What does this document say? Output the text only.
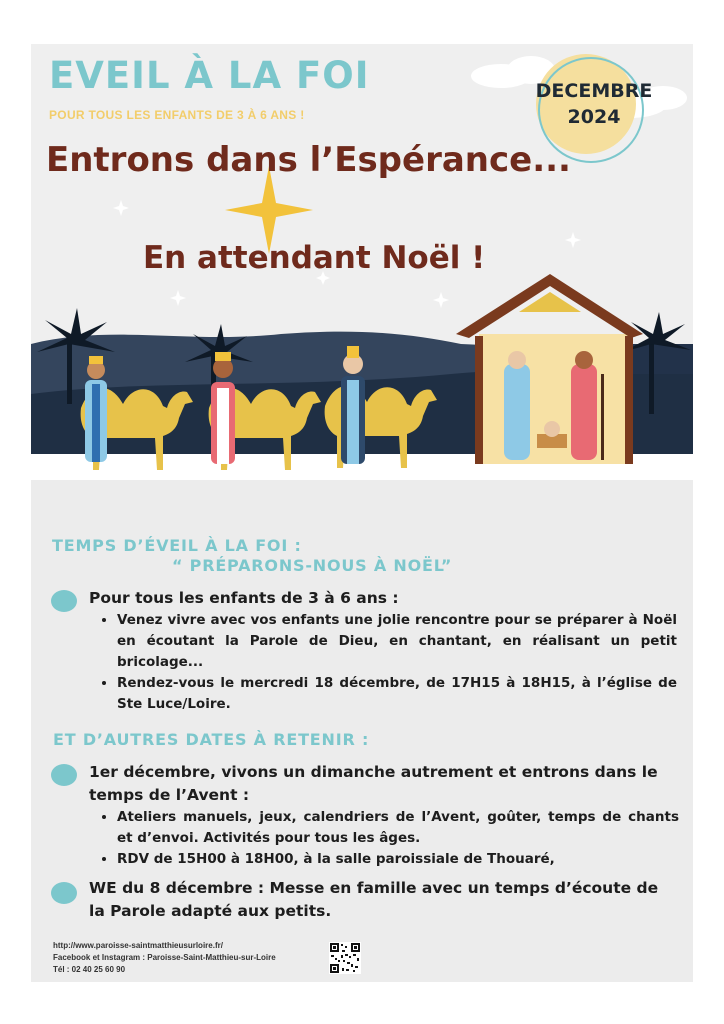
EVEIL À LA FOI
POUR TOUS LES ENFANTS DE 3 À 6 ANS !
DECEMBRE
2024
Entrons dans l’Espérance...
En attendant Noël !
TEMPS D’ÉVEIL À LA FOI :
“ PRÉPARONS-NOUS À NOËL”
Pour tous les enfants de 3 à 6 ans :
• Venez vivre avec vos enfants une jolie rencontre pour se préparer à Noël en écoutant la Parole de Dieu, en chantant, en réalisant un petit bricolage...
• Rendez-vous le mercredi 18 décembre, de 17H15 à 18H15, à l’église de Ste Luce/Loire.
ET D’AUTRES DATES À RETENIR :
1er décembre, vivons un dimanche autrement et entrons dans le temps de l’Avent :
• Ateliers manuels, jeux, calendriers de l’Avent, goûter, temps de chants et d’envoi. Activités pour tous les âges.
• RDV de 15H00 à 18H00, à la salle paroissiale de Thouaré,
WE du 8 décembre : Messe en famille avec un temps d’écoute de la Parole adapté aux petits.
http://www.paroisse-saintmatthieusurloire.fr/
Facebook et Instagram : Paroisse-Saint-Matthieu-sur-Loire
Tél : 02 40 25 60 90
